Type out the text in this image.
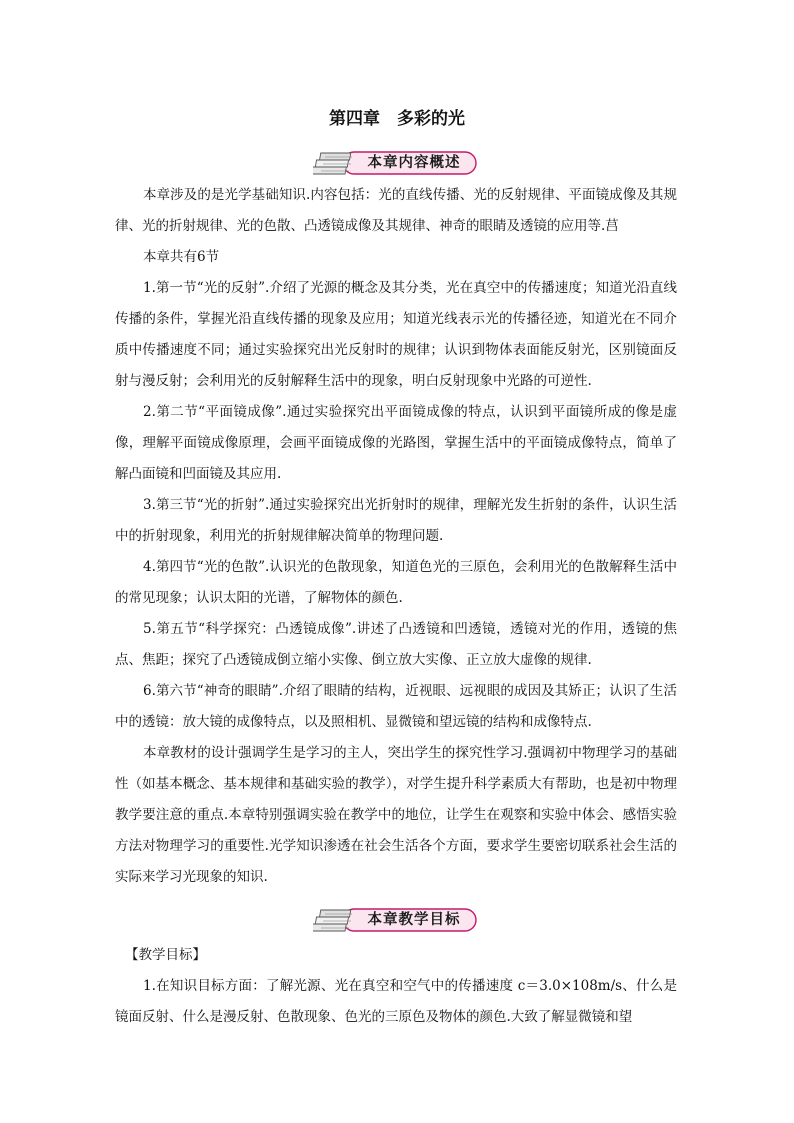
第四章　多彩的光
本章内容概述

本章涉及的是光学基础知识.内容包括：光的直线传播、光的反射规律、平面镜成像及其规律、光的折射规律、光的色散、凸透镜成像及其规律、神奇的眼睛及透镜的应用等.莒

本章共有6节

1.第一节“光的反射”.介绍了光源的概念及其分类，光在真空中的传播速度；知道光沿直线传播的条件，掌握光沿直线传播的现象及应用；知道光线表示光的传播径迹，知道光在不同介质中传播速度不同；通过实验探究出光反射时的规律；认识到物体表面能反射光，区别镜面反射与漫反射；会利用光的反射解释生活中的现象，明白反射现象中光路的可逆性.

2.第二节“平面镜成像”.通过实验探究出平面镜成像的特点，认识到平面镜所成的像是虚像，理解平面镜成像原理，会画平面镜成像的光路图，掌握生活中的平面镜成像特点，简单了解凸面镜和凹面镜及其应用.

3.第三节“光的折射”.通过实验探究出光折射时的规律，理解光发生折射的条件，认识生活中的折射现象，利用光的折射规律解决简单的物理问题.

4.第四节“光的色散”.认识光的色散现象，知道色光的三原色，会利用光的色散解释生活中的常见现象；认识太阳的光谱，了解物体的颜色.

5.第五节“科学探究：凸透镜成像”.讲述了凸透镜和凹透镜，透镜对光的作用，透镜的焦点、焦距；探究了凸透镜成倒立缩小实像、倒立放大实像、正立放大虚像的规律.

6.第六节“神奇的眼睛”.介绍了眼睛的结构，近视眼、远视眼的成因及其矫正；认识了生活中的透镜：放大镜的成像特点，以及照相机、显微镜和望远镜的结构和成像特点.

本章教材的设计强调学生是学习的主人，突出学生的探究性学习.强调初中物理学习的基础性（如基本概念、基本规律和基础实验的教学），对学生提升科学素质大有帮助，也是初中物理教学要注意的重点.本章特别强调实验在教学中的地位，让学生在观察和实验中体会、感悟实验方法对物理学习的重要性.光学知识渗透在社会生活各个方面，要求学生要密切联系社会生活的实际来学习光现象的知识.

本章教学目标

【教学目标】

1.在知识目标方面：了解光源、光在真空和空气中的传播速度 c＝3.0×108m/s、什么是镜面反射、什么是漫反射、色散现象、色光的三原色及物体的颜色.大致了解显微镜和望
